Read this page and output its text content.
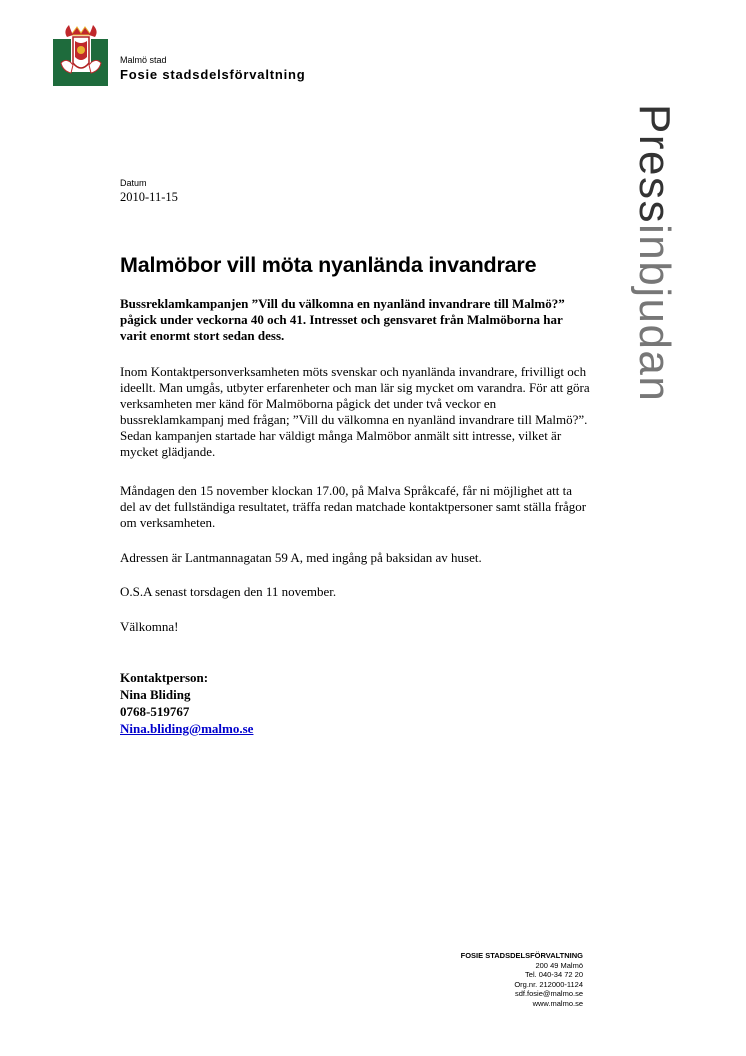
Malmö stad
Fosie stadsdelsförvaltning
Pressinbjudan
Datum
2010-11-15
Malmöbor vill möta nyanlända invandrare

Bussreklamkampanjen ”Vill du välkomna en nyanländ invandrare till Malmö?” pågick under veckorna 40 och 41. Intresset och gensvaret från Malmöborna har varit enormt stort sedan dess.

Inom Kontaktpersonverksamheten möts svenskar och nyanlända invandrare, frivilligt och ideellt. Man umgås, utbyter erfarenheter och man lär sig mycket om varandra. För att göra verksamheten mer känd för Malmöborna pågick det under två veckor en bussreklamkampanj med frågan; ”Vill du välkomna en nyanländ invandrare till Malmö?”. Sedan kampanjen startade har väldigt många Malmöbor anmält sitt intresse, vilket är mycket glädjande.

Måndagen den 15 november klockan 17.00, på Malva Språkcafé, får ni möjlighet att ta del av det fullständiga resultatet, träffa redan matchade kontaktpersoner samt ställa frågor om verksamheten.

Adressen är Lantmannagatan 59 A, med ingång på baksidan av huset.

O.S.A senast torsdagen den 11 november.

Välkomna!

Kontaktperson:
Nina Bliding
0768-519767
Nina.bliding@malmo.se
FOSIE STADSDELSFÖRVALTNING
200 49 Malmö
Tel. 040-34 72 20
Org.nr. 212000-1124
sdf.fosie@malmo.se
www.malmo.se
